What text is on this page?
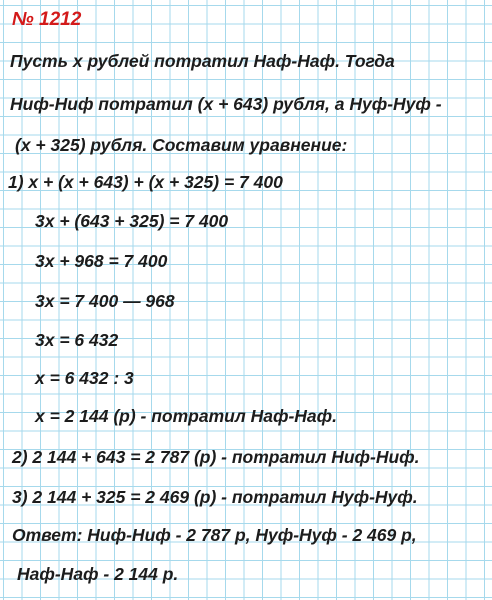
№ 1212
Пусть х рублей потратил Наф-Наф. Тогда
Ниф-Ниф потратил (х + 643) рубля, а Нуф-Нуф -
(х + 325) рубля. Составим уравнение:
1) х + (х + 643) + (х + 325) = 7 400
3х + (643 + 325) = 7 400
3х + 968 = 7 400
3х = 7 400 — 968
3х = 6 432
х = 6 432 : 3
х = 2 144 (р) - потратил Наф-Наф.
2) 2 144 + 643 = 2 787 (р) - потратил Ниф-Ниф.
3) 2 144 + 325 = 2 469 (р) - потратил Нуф-Нуф.
Ответ: Ниф-Ниф - 2 787 р, Нуф-Нуф - 2 469 р,
Наф-Наф - 2 144 р.
